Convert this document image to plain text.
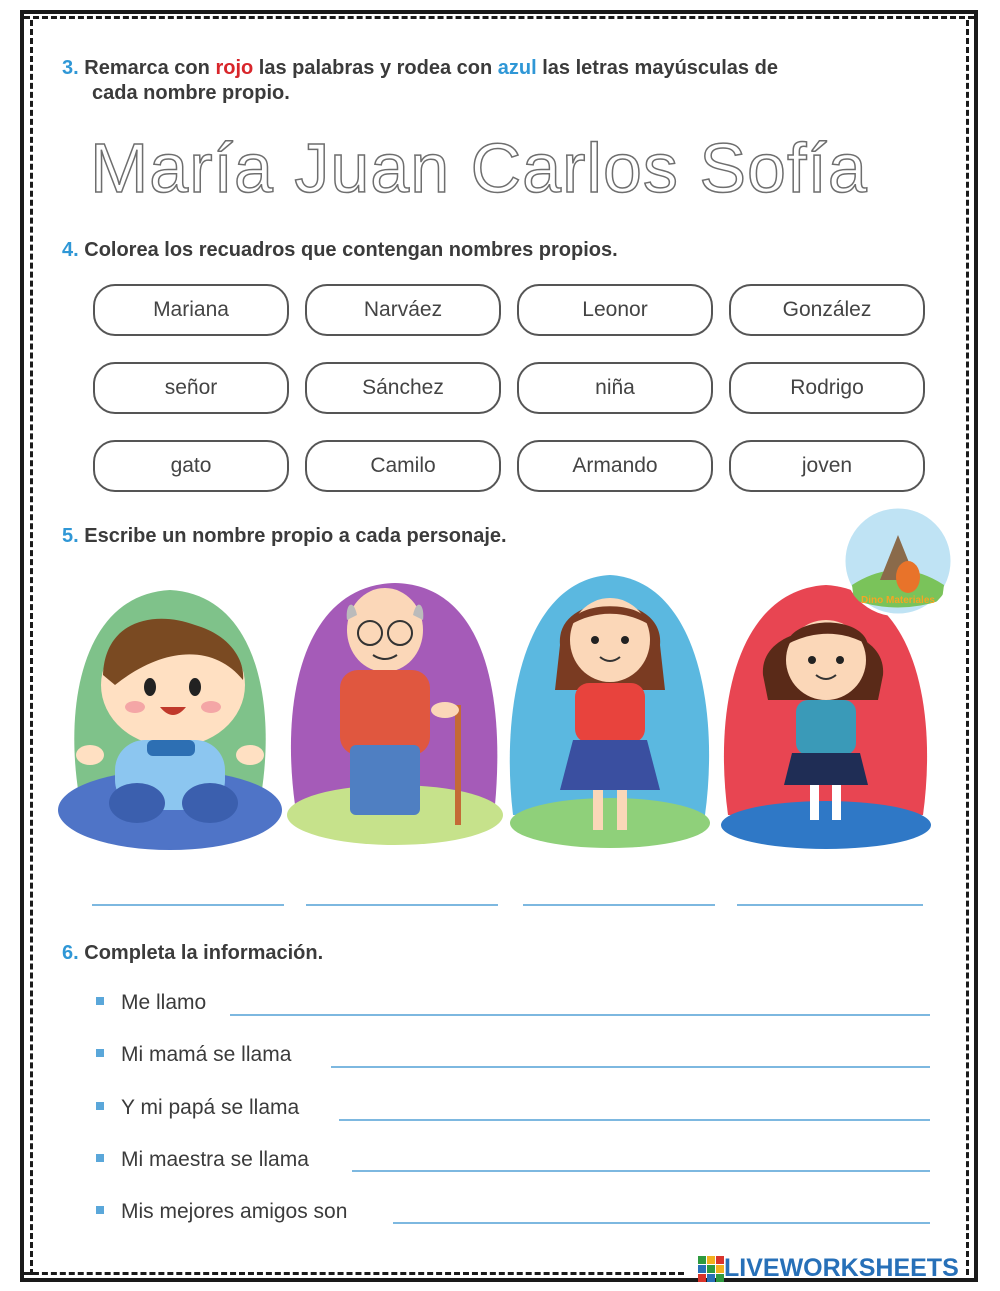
3. Remarca con rojo las palabras y rodea con azul las letras mayúsculas de
cada nombre propio.
María Juan Carlos Sofía
4. Colorea los recuadros que contengan nombres propios.
Mariana	Narváez	Leonor	González
señor	Sánchez	niña	Rodrigo
gato	Camilo	Armando	joven
5. Escribe un nombre propio a cada personaje.
Dino Materiales
6. Completa la información.
Me llamo
Mi mamá se llama
Y mi papá se llama
Mi maestra se llama
Mis mejores amigos son
LIVEWORKSHEETS
